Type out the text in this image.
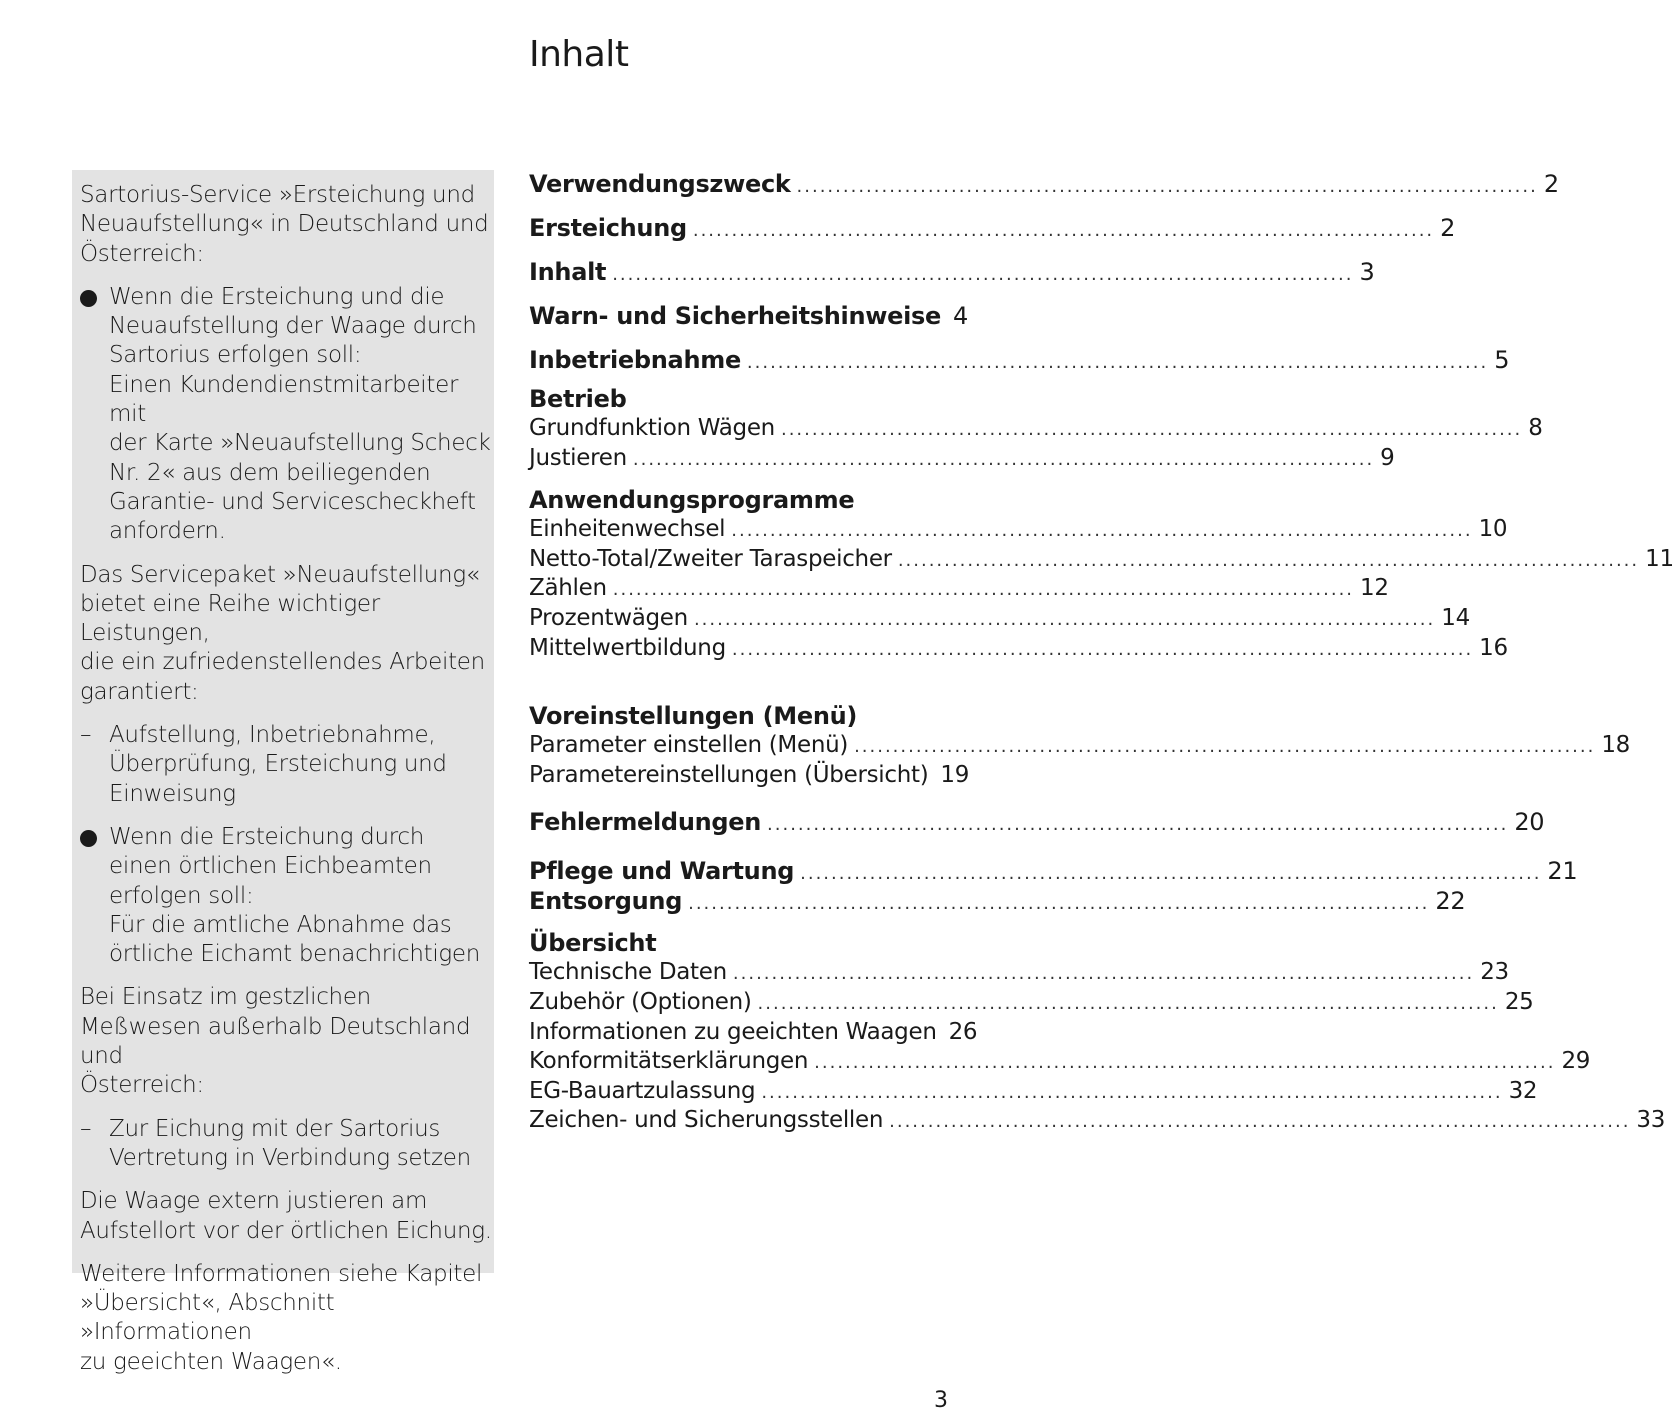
Inhalt

Sartorius-Service »Ersteichung und
Neuaufstellung« in Deutschland und
Österreich:

Wenn die Ersteichung und die
Neuaufstellung der Waage durch
Sartorius erfolgen soll:
Einen Kundendienstmitarbeiter mit
der Karte »Neuaufstellung Scheck
Nr. 2« aus dem beiliegenden
Garantie- und Servicescheckheft
anfordern.

Das Servicepaket »Neuaufstellung«
bietet eine Reihe wichtiger Leistungen,
die ein zufriedenstellendes Arbeiten
garantiert:

– Aufstellung, Inbetriebnahme,
Überprüfung, Ersteichung und
Einweisung
Wenn die Ersteichung durch
einen örtlichen Eichbeamten
erfolgen soll:
Für die amtliche Abnahme das
örtliche Eichamt benachrichtigen

Bei Einsatz im gestzlichen
Meßwesen außerhalb Deutschland und
Österreich:

– Zur Eichung mit der Sartorius
Vertretung in Verbindung setzen

Die Waage extern justieren am
Aufstellort vor der örtlichen Eichung.

Weitere Informationen siehe Kapitel
»Übersicht«, Abschnitt »Informationen
zu geeichten Waagen«.

Verwendungszweck .....	2
Ersteichung .....	2
Inhalt .....	3
Warn- und Sicherheitshinweise 4
Inbetriebnahme .....	5
Betrieb
Grundfunktion Wägen .....	8
Justieren .....	9
Anwendungsprogramme
Einheitenwechsel .....	10
Netto-Total/Zweiter Taraspeicher .....	11
Zählen .....	12
Prozentwägen .....	14
Mittelwertbildung .....	16
Voreinstellungen (Menü)
Parameter einstellen (Menü) .....	18
Parametereinstellungen (Übersicht) 19
Fehlermeldungen .....	20
Pflege und Wartung .....	21
Entsorgung .....	22
Übersicht
Technische Daten .....	23
Zubehör (Optionen) .....	25
Informationen zu geeichten Waagen 26
Konformitätserklärungen .....	29
EG-Bauartzulassung .....	32
Zeichen- und Sicherungsstellen .....	33
3
